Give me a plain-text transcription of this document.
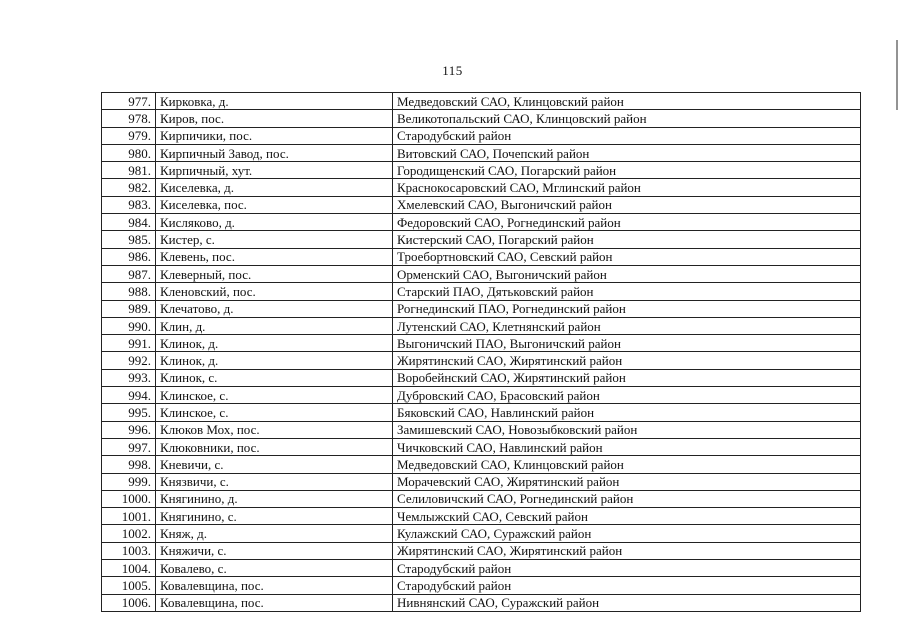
115
977.	Кирковка, д.	Медведовский САО, Клинцовский район
978.	Киров, пос.	Великотопальский САО, Клинцовский район
979.	Кирпичики, пос.	Стародубский район
980.	Кирпичный Завод, пос.	Витовский САО, Почепский район
981.	Кирпичный, хут.	Городищенский САО, Погарский район
982.	Киселевка, д.	Краснокосаровский САО, Мглинский район
983.	Киселевка, пос.	Хмелевский САО, Выгоничский район
984.	Кисляково, д.	Федоровский САО, Рогнединский район
985.	Кистер, с.	Кистерский САО, Погарский район
986.	Клевень, пос.	Троебортновский САО, Севский район
987.	Клеверный, пос.	Орменский САО, Выгоничский район
988.	Кленовский, пос.	Старский ПАО, Дятьковский район
989.	Клечатово, д.	Рогнединский ПАО, Рогнединский район
990.	Клин, д.	Лутенский САО, Клетнянский район
991.	Клинок, д.	Выгоничский ПАО, Выгоничский район
992.	Клинок, д.	Жирятинский САО, Жирятинский район
993.	Клинок, с.	Воробейнский САО, Жирятинский район
994.	Клинское, с.	Дубровский САО, Брасовский район
995.	Клинское, с.	Бяковский САО, Навлинский район
996.	Клюков Мох, пос.	Замишевский САО, Новозыбковский район
997.	Клюковники, пос.	Чичковский САО, Навлинский район
998.	Кневичи, с.	Медведовский САО, Клинцовский район
999.	Князвичи, с.	Морачевский САО, Жирятинский район
1000.	Княгинино, д.	Селиловичский САО, Рогнединский район
1001.	Княгинино, с.	Чемлыжский САО, Севский район
1002.	Княж, д.	Кулажский САО, Суражский район
1003.	Княжичи, с.	Жирятинский САО, Жирятинский район
1004.	Ковалево, с.	Стародубский район
1005.	Ковалевщина, пос.	Стародубский район
1006.	Ковалевщина, пос.	Нивнянский САО, Суражский район
